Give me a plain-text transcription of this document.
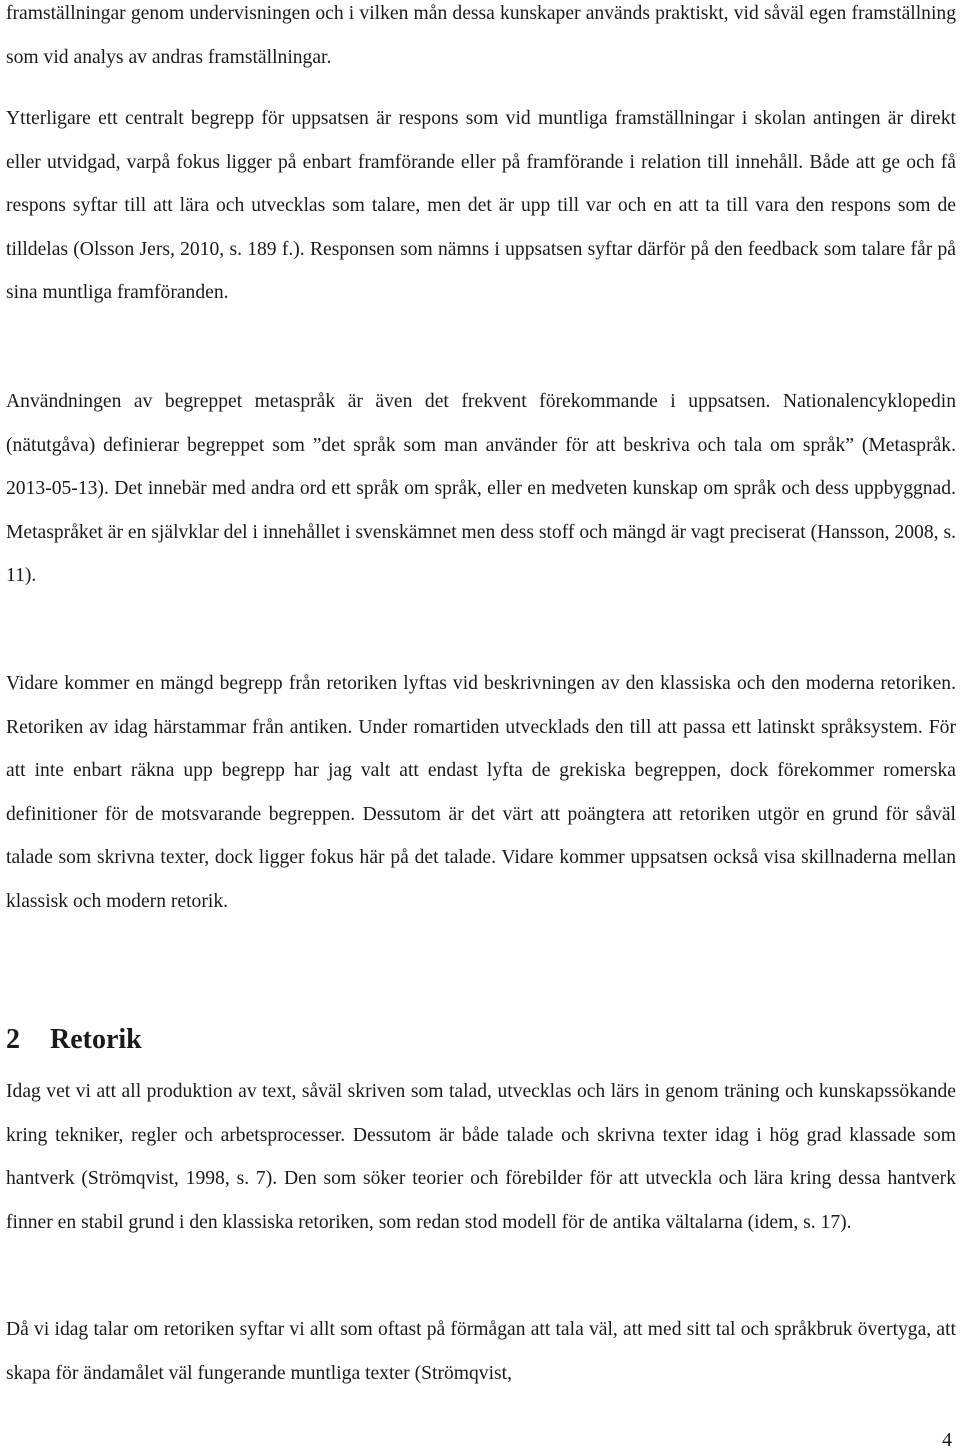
framställningar genom undervisningen och i vilken mån dessa kunskaper används praktiskt, vid såväl egen framställning som vid analys av andras framställningar.

Ytterligare ett centralt begrepp för uppsatsen är respons som vid muntliga framställningar i skolan antingen är direkt eller utvidgad, varpå fokus ligger på enbart framförande eller på framförande i relation till innehåll. Både att ge och få respons syftar till att lära och utvecklas som talare, men det är upp till var och en att ta till vara den respons som de tilldelas (Olsson Jers, 2010, s. 189 f.). Responsen som nämns i uppsatsen syftar därför på den feedback som talare får på sina muntliga framföranden.

Användningen av begreppet metaspråk är även det frekvent förekommande i uppsatsen. Nationalencyklopedin (nätutgåva) definierar begreppet som ”det språk som man använder för att beskriva och tala om språk” (Metaspråk. 2013-05-13). Det innebär med andra ord ett språk om språk, eller en medveten kunskap om språk och dess uppbyggnad. Metaspråket är en självklar del i innehållet i svenskämnet men dess stoff och mängd är vagt preciserat (Hansson, 2008, s. 11).

Vidare kommer en mängd begrepp från retoriken lyftas vid beskrivningen av den klassiska och den moderna retoriken. Retoriken av idag härstammar från antiken. Under romartiden utvecklads den till att passa ett latinskt språksystem. För att inte enbart räkna upp begrepp har jag valt att endast lyfta de grekiska begreppen, dock förekommer romerska definitioner för de motsvarande begreppen. Dessutom är det värt att poängtera att retoriken utgör en grund för såväl talade som skrivna texter, dock ligger fokus här på det talade. Vidare kommer uppsatsen också visa skillnaderna mellan klassisk och modern retorik.

2 Retorik

Idag vet vi att all produktion av text, såväl skriven som talad, utvecklas och lärs in genom träning och kunskapssökande kring tekniker, regler och arbetsprocesser. Dessutom är både talade och skrivna texter idag i hög grad klassade som hantverk (Strömqvist, 1998, s. 7). Den som söker teorier och förebilder för att utveckla och lära kring dessa hantverk finner en stabil grund i den klassiska retoriken, som redan stod modell för de antika vältalarna (idem, s. 17).

Då vi idag talar om retoriken syftar vi allt som oftast på förmågan att tala väl, att med sitt tal och språkbruk övertyga, att skapa för ändamålet väl fungerande muntliga texter (Strömqvist,

4
